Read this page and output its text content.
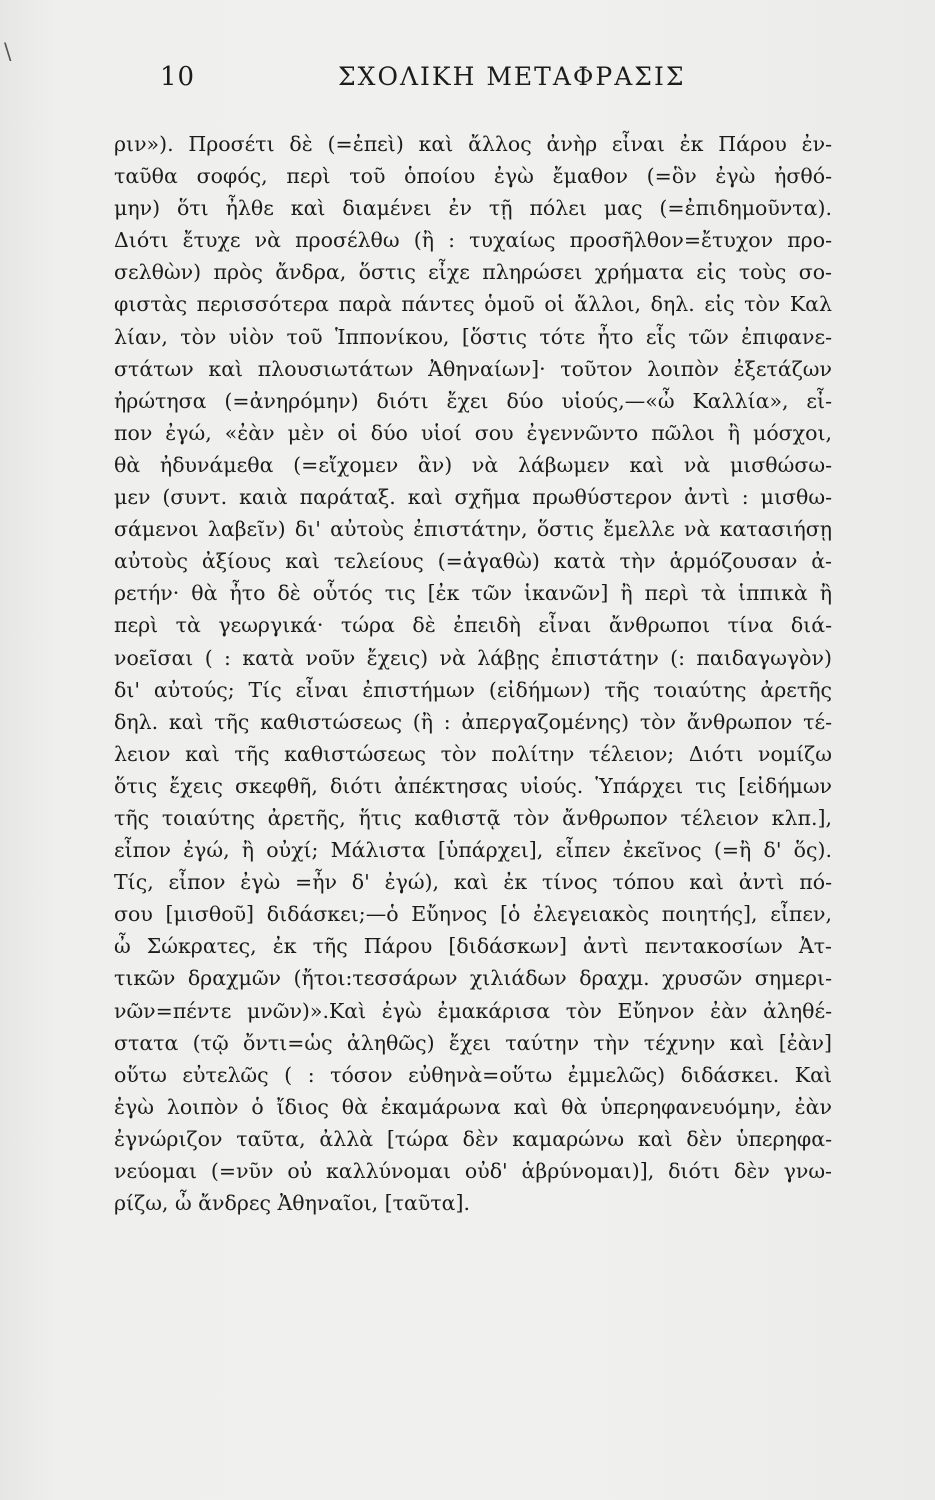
\
10	ΣΧΟΛΙΚΗ ΜΕΤΑΦΡΑΣΙΣ
ριν»). Προσέτι δὲ (=ἐπεὶ) καὶ ἄλλος ἀνὴρ εἶναι ἐκ Πάρου ἐν-
ταῦθα σοφός, περὶ τοῦ ὁποίου ἐγὼ ἔμαθον (=ὃν ἐγὼ ἠσθό-
μην) ὅτι ἦλθε καὶ διαμένει ἐν τῇ πόλει μας (=ἐπιδημοῦντα).
Διότι ἔτυχε νὰ προσέλθω (ἢ : τυχαίως προσῆλθον=ἔτυχον προ-
σελθὼν) πρὸς ἄνδρα, ὅστις εἶχε πληρώσει χρήματα εἰς τοὺς σο-
φιστὰς περισσότερα παρὰ πάντες ὁμοῦ οἱ ἄλλοι, δηλ. εἰς τὸν Καλ
λίαν, τὸν υἱὸν τοῦ Ἱππονίκου, [ὅστις τότε ἦτο εἷς τῶν ἐπιφανε-
στάτων καὶ πλουσιωτάτων Ἀθηναίων]· τοῦτον λοιπὸν ἐξετάζων
ἠρώτησα (=ἀνηρόμην) διότι ἔχει δύο υἱούς,—«ὦ Καλλία», εἶ-
πον ἐγώ, «ἐὰν μὲν οἱ δύο υἱοί σου ἐγεννῶντο πῶλοι ἢ μόσχοι,
θὰ ἠδυνάμεθα (=εἴχομεν ἂν) νὰ λάβωμεν καὶ νὰ μισθώσω-
μεν (συντ. καιὰ παράταξ. καὶ σχῆμα πρωθύστερον ἀντὶ : μισθω-
σάμενοι λαβεῖν) δι' αὐτοὺς ἐπιστάτην, ὅστις ἔμελλε νὰ κατασιήσῃ
αὐτοὺς ἀξίους καὶ τελείους (=ἀγαθὼ) κατὰ τὴν ἁρμόζουσαν ἀ-
ρετήν· θὰ ἦτο δὲ οὗτός τις [ἐκ τῶν ἱκανῶν] ἢ περὶ τὰ ἱππικὰ ἢ
περὶ τὰ γεωργικά· τώρα δὲ ἐπειδὴ εἶναι ἄνθρωποι τίνα διά-
νοεῖσαι ( : κατὰ νοῦν ἔχεις) νὰ λάβῃς ἐπιστάτην (: παιδαγωγὸν)
δι' αὐτούς; Τίς εἶναι ἐπιστήμων (εἰδήμων) τῆς τοιαύτης ἀρετῆς
δηλ. καὶ τῆς καθιστώσεως (ἢ : ἀπεργαζομένης) τὸν ἄνθρωπον τέ-
λειον καὶ τῆς καθιστώσεως τὸν πολίτην τέλειον; Διότι νομίζω
ὅτις ἔχεις σκεφθῆ, διότι ἀπέκτησας υἱούς. Ὑπάρχει τις [εἰδήμων
τῆς τοιαύτης ἀρετῆς, ἥτις καθιστᾷ τὸν ἄνθρωπον τέλειον κλπ.],
εἶπον ἐγώ, ἢ οὐχί; Μάλιστα [ὑπάρχει], εἶπεν ἐκεῖνος (=ἢ δ' ὅς).
Τίς, εἶπον ἐγὼ =ἦν δ' ἐγώ), καὶ ἐκ τίνος τόπου καὶ ἀντὶ πό-
σου [μισθοῦ] διδάσκει;—ὁ Εὔηνος [ὁ ἐλεγειακὸς ποιητής], εἶπεν,
ὦ Σώκρατες, ἐκ τῆς Πάρου [διδάσκων] ἀντὶ πεντακοσίων Ἀτ-
τικῶν δραχμῶν (ἤτοι:τεσσάρων χιλιάδων δραχμ. χρυσῶν σημερι-
νῶν=πέντε μνῶν)».Καὶ ἐγὼ ἐμακάρισα τὸν Εὔηνον ἐὰν ἀληθέ-
στατα (τῷ ὄντι=ὡς ἀληθῶς) ἔχει ταύτην τὴν τέχνην καὶ [ἐὰν]
οὕτω εὐτελῶς ( : τόσον εὐθηνὰ=οὕτω ἐμμελῶς) διδάσκει. Καὶ
ἐγὼ λοιπὸν ὁ ἴδιος θὰ ἐκαμάρωνα καὶ θὰ ὑπερηφανευόμην, ἐὰν
ἐγνώριζον ταῦτα, ἀλλὰ [τώρα δὲν καμαρώνω καὶ δὲν ὑπερηφα-
νεύομαι (=νῦν οὐ καλλύνομαι οὐδ' ἁβρύνομαι)], διότι δὲν γνω-
ρίζω, ὦ ἄνδρες Ἀθηναῖοι, [ταῦτα].
